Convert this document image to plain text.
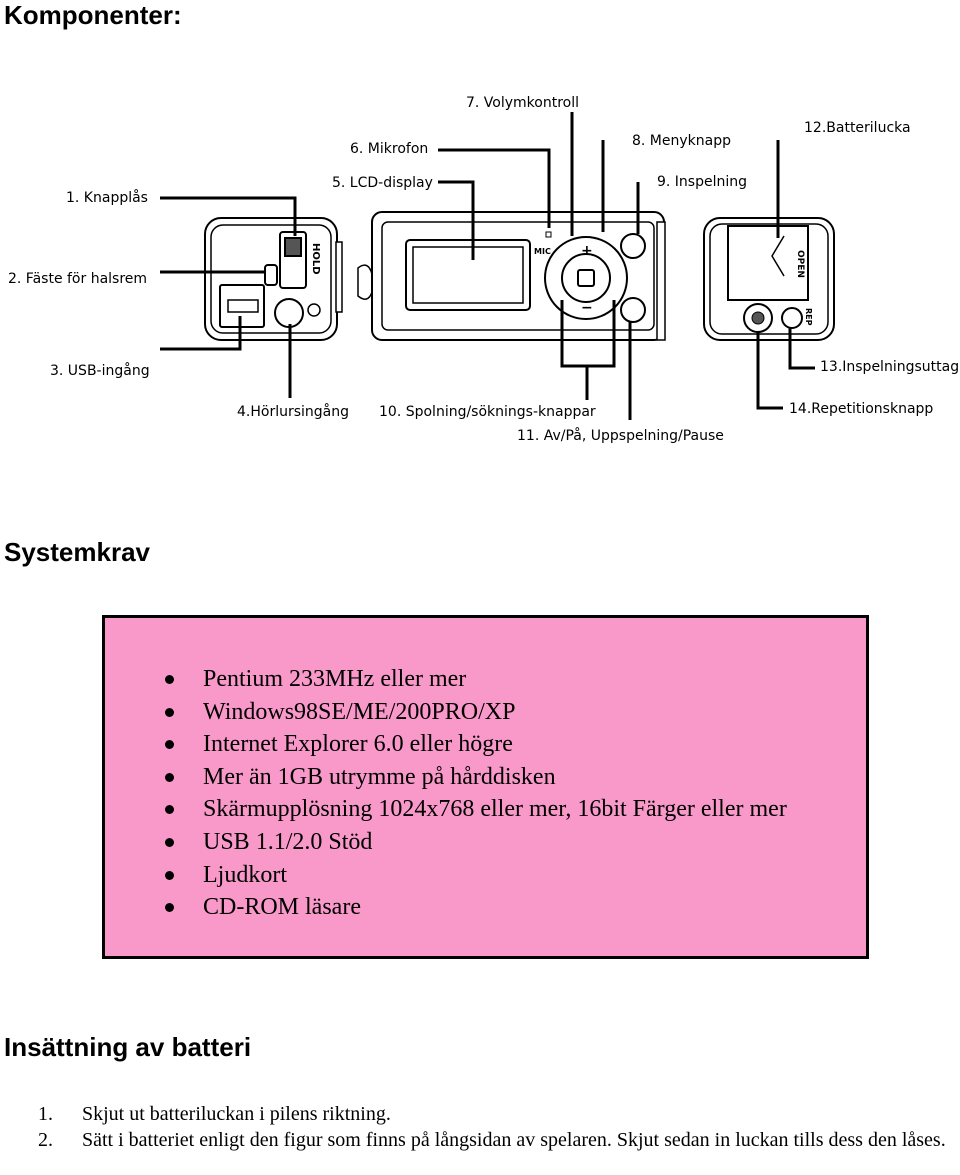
Komponenter:
HOLD	MIC +
−
OPEN
REP
1. Knapplås
2. Fäste för halsrem
3. USB-ingång
4.Hörlursingång
5. LCD-display
6. Mikrofon
7. Volymkontroll
8. Menyknapp
9. Inspelning
10. Spolning/söknings-knappar
11. Av/På, Uppspelning/Pause
12.Batterilucka
13.Inspelningsuttag
14.Repetitionsknapp
Systemkrav
Pentium 233MHz eller mer
Windows98SE/ME/200PRO/XP
Internet Explorer 6.0 eller högre
Mer än 1GB utrymme på hårddisken
Skärmupplösning 1024x768 eller mer, 16bit Färger eller mer
USB 1.1/2.0 Stöd
Ljudkort
CD-ROM läsare
Insättning av batteri
1. Skjut ut batteriluckan i pilens riktning.
2. Sätt i batteriet enligt den figur som finns på långsidan av spelaren. Skjut sedan in luckan tills dess den låses.
